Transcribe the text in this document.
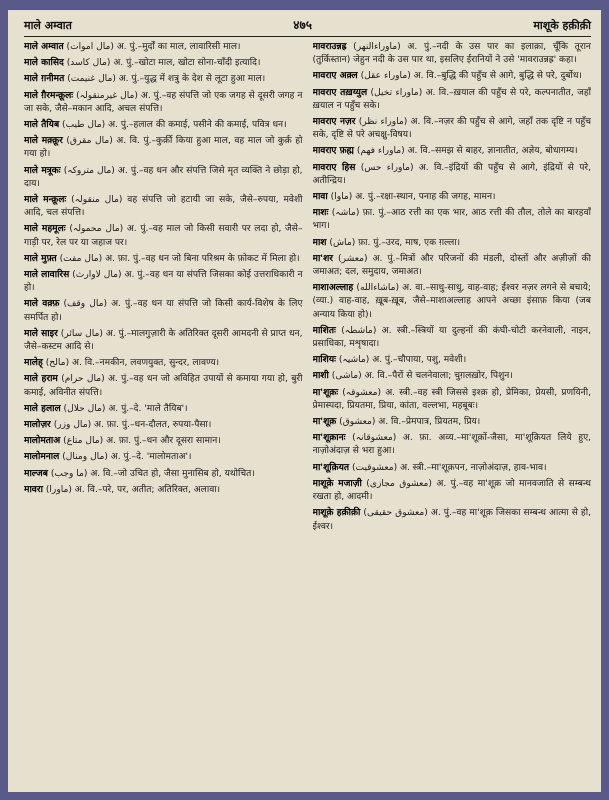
माले अम्वात	४७५	माशूके हक़ीक़ी
माले अम्वात (مال اموات) अ. पुं.–मुर्दों का माल, लावारिसी माल।
माले कासिद (مال کاسد) अ. पुं.–खोटा माल, खोटा सोना-चाँदी इत्यादि।
माले ग़नीमत (مال غنیمت) अ. पुं.–युद्ध में शत्रु के देश से लूटा हुआ माल।
माले ग़ैरमन्क़ूलः (مال غیرمنقولہ) अ. पुं.–वह संपत्ति जो एक जगह से दूसरी जगह न जा सके, जैसे–मकान आदि, अचल संपत्ति।
माले तैयिब (مال طیب) अ. पुं.–हलाल की कमाई, पसीने की कमाई, पवित्र धन।
माले मक़्क़ूर (مال مقرق) अ. वि. पुं.–कुर्क़ी किया हुआ माल, वह माल जो कुर्क़ हो गया हो।
माले मत्रूकः (مال متروکہ) अ. पुं.–वह धन और संपत्ति जिसे मृत व्यक्ति ने छोड़ा हो, दाय।
माले मन्क़ूलः (مال منقولہ) वह संपत्ति जो हटायी जा सके, जैसे–रुपया, मवेशी आदि, चल संपत्ति।
माले महमूलः (مال محمولہ) अ. पुं.–वह माल जो किसी सवारी पर लदा हो, जैसे–गाड़ी पर, रेल पर या जहाज पर।
माले मुफ़्त (مال مفت) अ. फ़ा. पुं.–वह धन जो बिना परिश्रम के फ़ोकट में मिला हो।
माले लावारिस (مال لاوارث) अ. पुं.–वह धन या संपत्ति जिसका कोई उत्तराधिकारी न हो।
माले वक़्फ़ (مال وقف) अ. पुं.–वह धन या संपत्ति जो किसी कार्य-विशेष के लिए समर्पित हो।
माले साइर (مال سائر) अ. पुं.–मालगुज़ारी के अतिरिक्त दूसरी आमदनी से प्राप्त धन, जैसे–कस्टम आदि से।
मालेह् (مالح) अ. वि.–नमकीन, लवणयुक्त, सुन्दर, लावण्य।
माले हराम (مال حرام) अ. पुं.–वह धन जो अविहित उपायों से कमाया गया हो, बुरी कमाई, अविनीत संपत्ति।
माले हलाल (مال حلال) अ. पुं.–दे. 'माले तैयिब'।
मालोज़र (مال وزر) अ. फ़ा. पुं.–धन-दौलत, रुपया-पैसा।
मालोमताअ (مال متاع) अ. फ़ा. पुं.–धन और दूसरा सामान।
मालोमनाल (مال ومنال) अ. पुं.–दे. 'मालोमताअ'।
माल्जब (ما وجب) अ. वि.–जो उचित हो, जैसा मुनासिब हो, यथोचित।
मावरा (ماورا) अ. वि.–परे, पर, अतीत; अतिरिक्त, अलावा।
मावराउन्नह्र (ماوراءالنهر) अ. पुं.–नदी के उस पार का इलाक़ा, चूँकि तूरान (तुर्किस्तान) जेहुन नदी के उस पार था, इसलिए ईरानियों ने उसे 'मावराउन्नह्र' कहा।
मावराए अक़्ल (ماوراء عقل) अ. वि.–बुद्धि की पहुँच से आगे, बुद्धि से परे, दुर्बोध।
मावराए तख़य्युल (ماوراء تخیل) अ. वि.–ख़याल की पहुँच से परे, कल्पनातीत, जहाँ ख़याल न पहुँच सके।
मावराए नज़र (ماوراء نظر) अ. वि.–नज़र की पहुँच से आगे, जहाँ तक दृष्टि न पहुँच सके, दृष्टि से परे अचक्षु-विषय।
मावराए फ़ह्म (ماوراء فهم) अ. वि.–समझ से बाहर, ज्ञानातीत, अज्ञेय, बोधागम्य।
मावराए हिस (ماوراء حس) अ. वि.–इंद्रियों की पहुँच से आगे, इंद्रियों से परे, अतीन्द्रिय।
मावा (ماوا) अ. पुं.–रक्षा-स्थान, पनाह की जगह, मामन।
माशः (ماشہ) फ़ा. पुं.–आठ रत्ती का एक भार, आठ रत्ती की तौल, तोले का बारहवाँ भाग।
माश (ماش) फ़ा. पुं.–उरद, माष, एक ग़ल्ला।
मा'शर (معشر) अ. पुं.–मित्रों और परिजनों की मंडली, दोस्तों और अज़ीज़ों की जमाअत; दल, समुदाय, जमाअत।
माशाअल्लाह (ماشاءالله) अ. वा.–साधु-साधु, वाह-वाह; ईश्वर नज़र लगने से बचाये; (व्या.) वाह-वाह, ख़ूब-ख़ूब, जैसे–माशाअल्लाह आपने अच्छा इंसाफ़ किया (जब अन्याय किया हो)।
माशितः (ماشطہ) अ. स्त्री.–स्त्रियों या दुल्हनों की कंघी-चोटी करनेवाली, नाइन, प्रसाधिका, मशृषादा।
माशियः (ماشیہ) अ. पुं.–चौपाया, पशु, मवेशी।
माशी (ماشی) अ. वि.–पैरों से चलनेवाला; चुग़लख़ोर, पिशुन।
मा'शूक़ः (معشوقہ) अ. स्त्री.–वह स्त्री जिससे इश्क़ हो, प्रेमिका, प्रेयसी, प्रणयिनी, प्रेमास्पदा, प्रियतमा, प्रिया, कांता, वल्लभा, महबूबः।
मा'शूक़ (معشوق) अ. वि.–प्रेमपात्र, प्रियतम, प्रिय।
मा'शूक़ानः (معشوقانہ) अ. फ़ा. अव्य.–मा'शूक़ों-जैसा, मा'शूक़ियत लिये हुए, नाज़ोअंदाज़ से भरा हुआ।
मा'शूक़ियत (معشوقیت) अ. स्त्री.–मा'शूक़पन, नाज़ोअंदाज़, हाव-भाव।
माशूक़े मजाज़ी (معشوق مجازی) अ. पुं.–वह मा'शूक़ जो मानवजाति से सम्बन्ध रखता हो, आदमी।
माशूक़े हक़ीक़ी (معشوق حقیقی) अ. पुं.–वह मा'शूक़ जिसका सम्बन्ध आत्मा से हो, ईश्वर।
